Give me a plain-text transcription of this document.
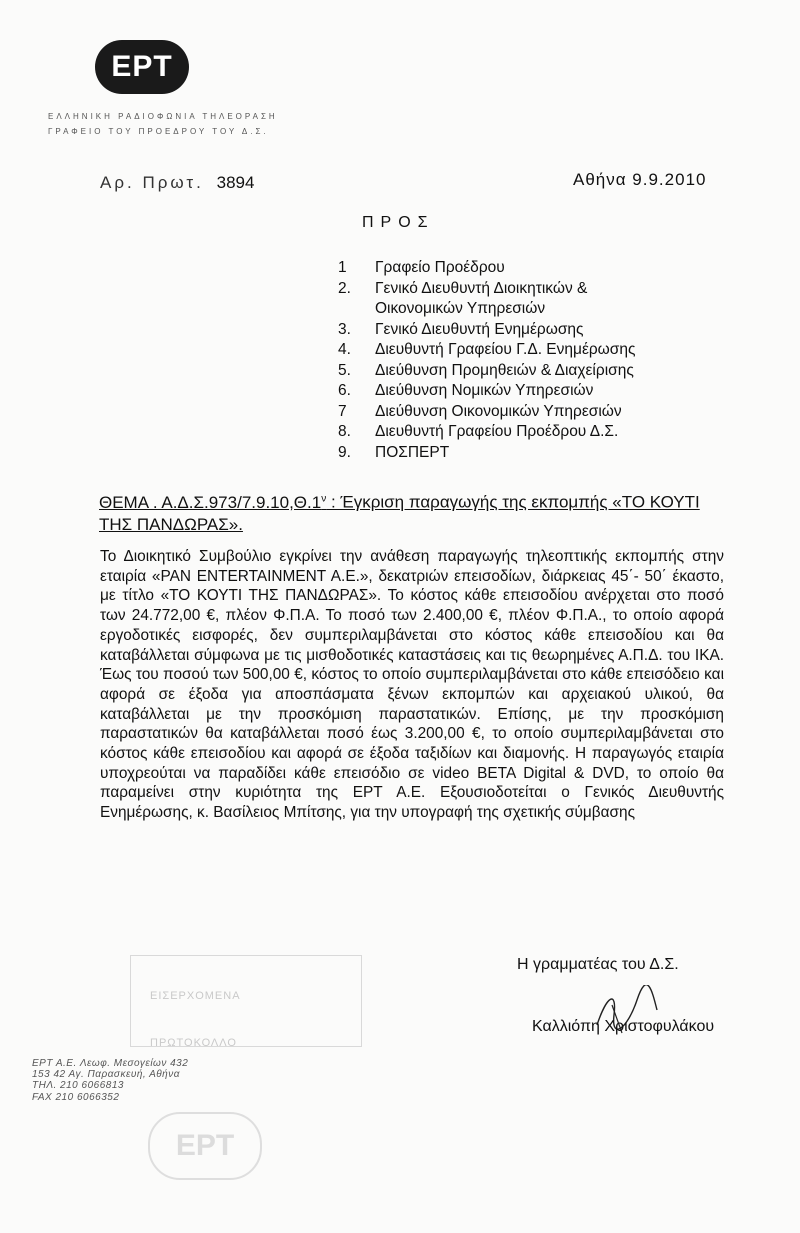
ΕΡΤ
ΕΛΛΗΝΙΚΗ ΡΑΔΙΟΦΩΝΙΑ ΤΗΛΕΟΡΑΣΗ
ΓΡΑΦΕΙΟ ΤΟΥ ΠΡΟΕΔΡΟΥ ΤΟΥ Δ.Σ.
Αρ. Πρωτ. 3894	Αθήνα 9.9.2010
ΠΡΟΣ
1	Γραφείο Προέδρου
2.	Γενικό Διευθυντή Διοικητικών &
Οικονομικών Υπηρεσιών
3.	Γενικό Διευθυντή Ενημέρωσης
4.	Διευθυντή Γραφείου Γ.Δ. Ενημέρωσης
5.	Διεύθυνση Προμηθειών & Διαχείρισης
6.	Διεύθυνση Νομικών Υπηρεσιών
7	Διεύθυνση Οικονομικών Υπηρεσιών
8.	Διευθυντή Γραφείου Προέδρου Δ.Σ.
9.	ΠΟΣΠΕΡΤ
ΘΕΜΑ . $A.\Delta.\Sigma.973/7.9.10,\Theta.1^\nu$ : Έγκριση παραγωγής της εκπομπής «ΤΟ ΚΟΥΤΙ ΤΗΣ ΠΑΝΔΩΡΑΣ».
Το Διοικητικό Συμβούλιο εγκρίνει την ανάθεση παραγωγής τηλεοπτικής εκπομπής στην εταιρία «PAN ENTERTAINMENT A.E.», δεκατριών επεισοδίων, διάρκειας 45΄- 50΄ έκαστο, με τίτλο «ΤΟ ΚΟΥΤΙ ΤΗΣ ΠΑΝΔΩΡΑΣ». Το κόστος κάθε επεισοδίου ανέρχεται στο ποσό των 24.772,00 €, πλέον Φ.Π.Α. Το ποσό των 2.400,00 €, πλέον Φ.Π.Α., το οποίο αφορά εργοδοτικές εισφορές, δεν συμπεριλαμβάνεται στο κόστος κάθε επεισοδίου και θα καταβάλλεται σύμφωνα με τις μισθοδοτικές καταστάσεις και τις θεωρημένες Α.Π.Δ. του ΙΚΑ. Έως του ποσού των 500,00 €, κόστος το οποίο συμπεριλαμβάνεται στο κάθε επεισόδειο και αφορά σε έξοδα για αποσπάσματα ξένων εκπομπών και αρχειακού υλικού, θα καταβάλλεται με την προσκόμιση παραστατικών. Επίσης, με την προσκόμιση παραστατικών θα καταβάλλεται ποσό έως 3.200,00 €, το οποίο συμπεριλαμβάνεται στο κόστος κάθε επεισοδίου και αφορά σε έξοδα ταξιδίων και διαμονής. Η παραγωγός εταιρία υποχρεούται να παραδίδει κάθε επεισόδιο σε video BETA Digital & DVD, το οποίο θα παραμείνει στην κυριότητα της ΕΡΤ Α.Ε. Εξουσιοδοτείται ο Γενικός Διευθυντής Ενημέρωσης, κ. Βασίλειος Μπίτσης, για την υπογραφή της σχετικής σύμβασης
ΕΙΣΕΡΧΟΜΕΝΑ
ΠΡΩΤΟΚΟΛΛΟ
ΕΡΤ
Η γραμματέας του Δ.Σ.
Καλλιόπη Χριστοφυλάκου
ΕΡΤ Α.Ε. Λεωφ. Μεσογείων 432
153 42 Αγ. Παρασκευή, Αθήνα
ΤΗΛ. 210 6066813
FAX 210 6066352
